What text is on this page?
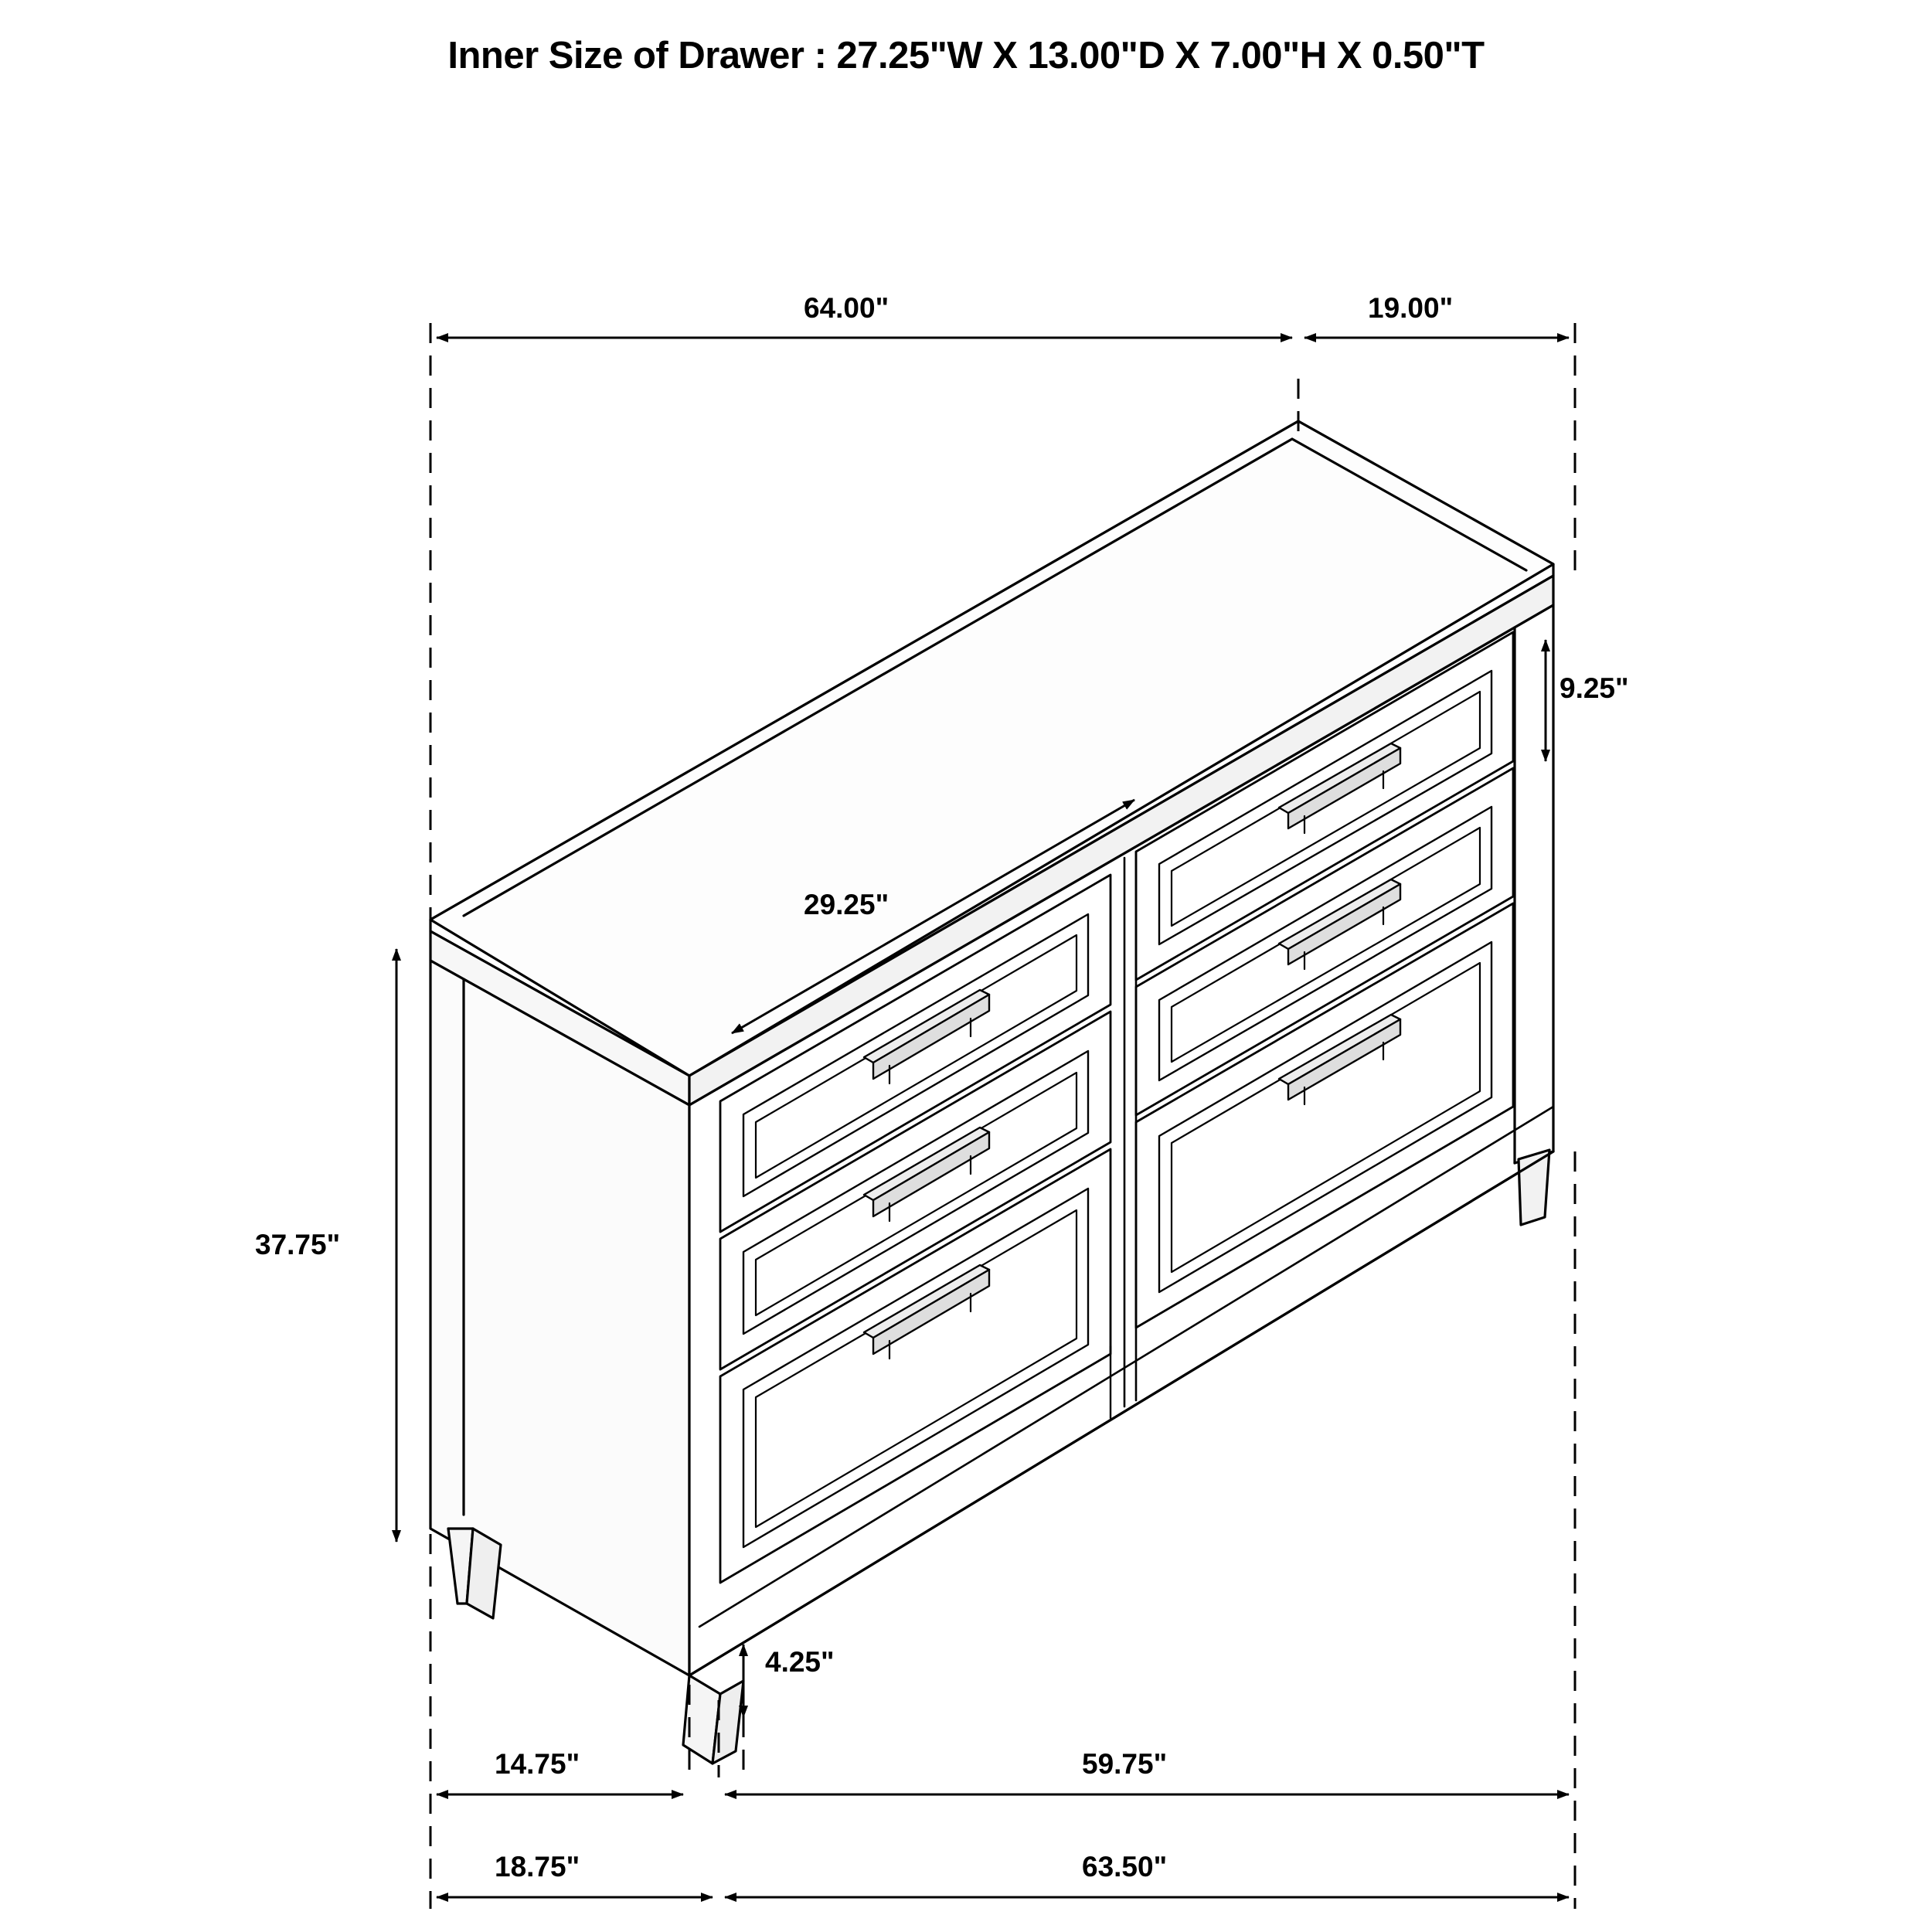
Inner Size of Drawer : 27.25"W X 13.00"D X 7.00"H X 0.50"T
64.00"	19.00"
9.25"
29.25"
37.75"
4.25"
14.75"	59.75"
18.75"	63.50"
